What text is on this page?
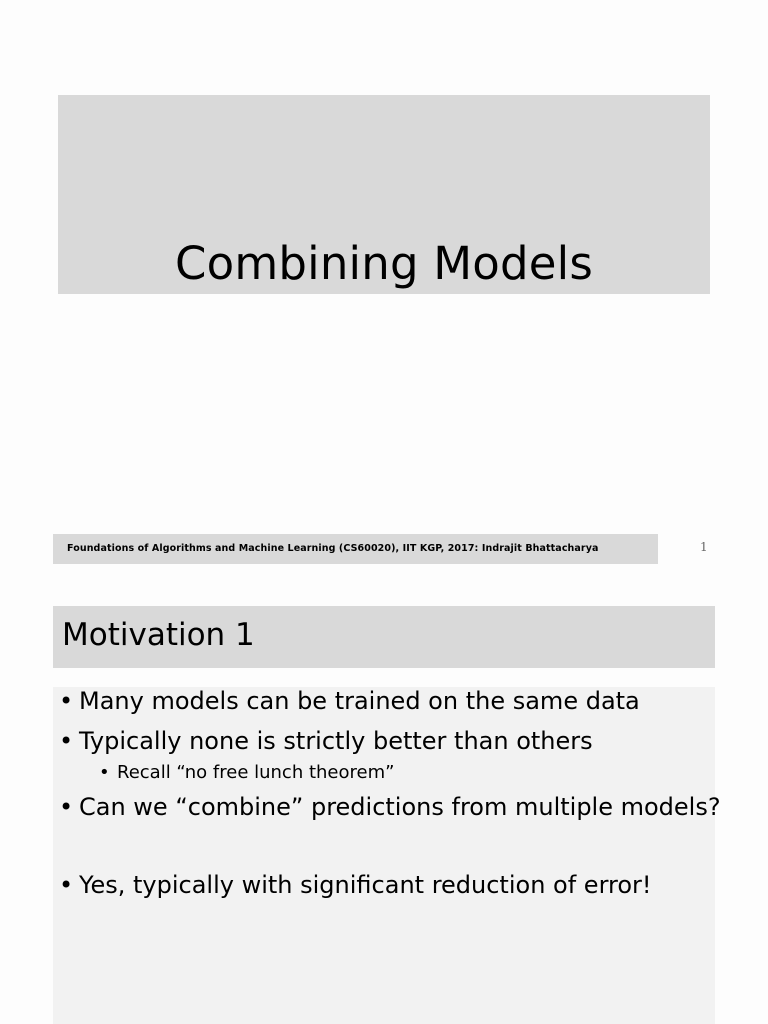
Combining Models
Foundations of Algorithms and Machine Learning (CS60020), IIT KGP, 2017: Indrajit Bhattacharya	1
Motivation 1
• Many models can be trained on the same data
• Typically none is strictly better than others
• Recall “no free lunch theorem”
• Can we “combine” predictions from multiple models?
• Yes, typically with significant reduction of error!
